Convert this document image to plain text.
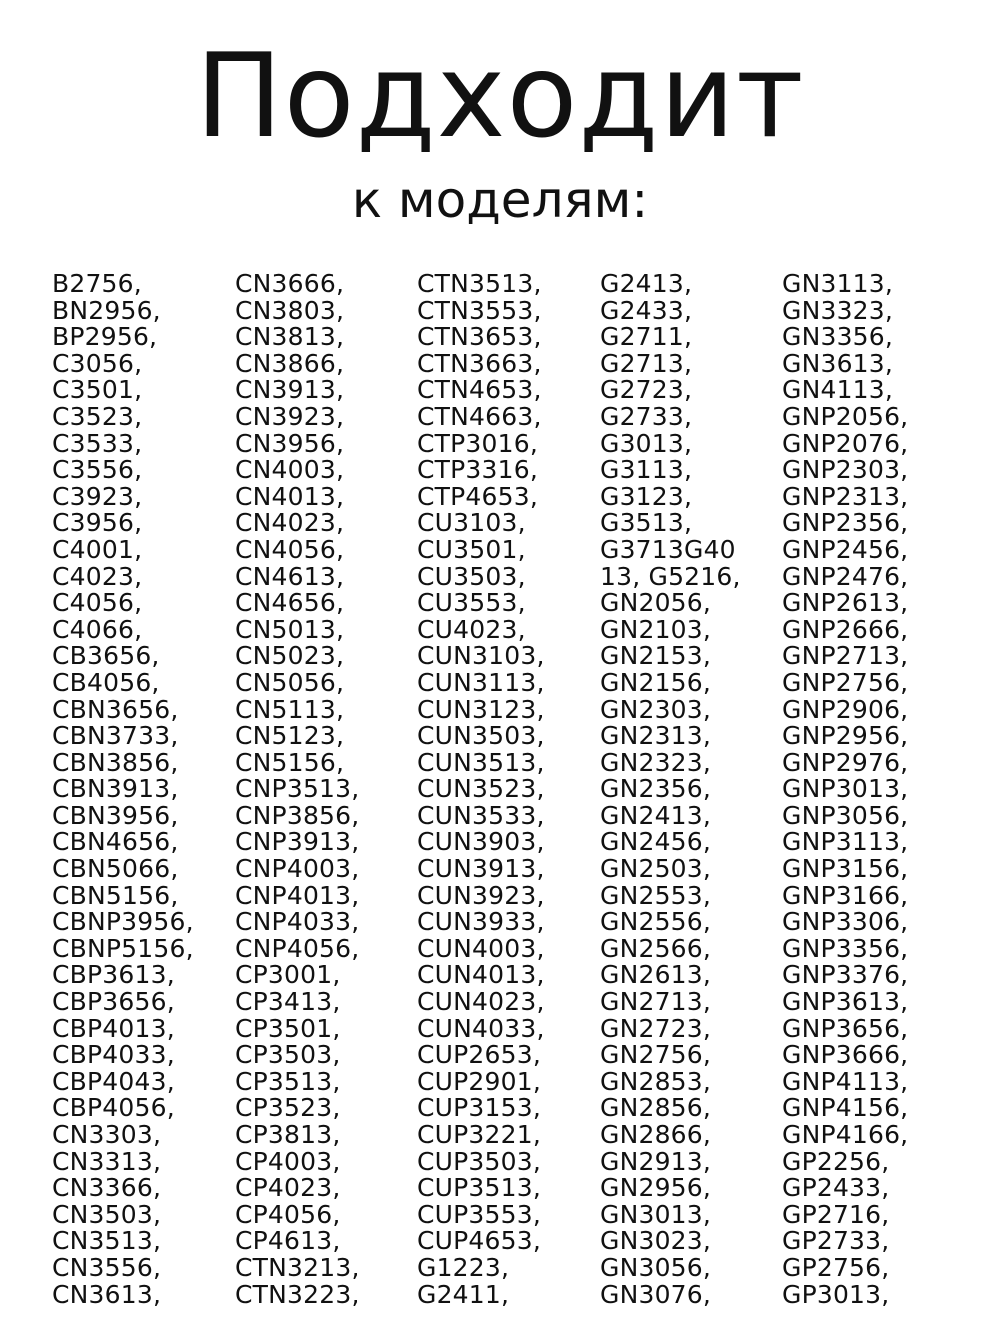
Подходит
к моделям:
B2756,
BN2956,
BP2956,
C3056,
C3501,
C3523,
C3533,
C3556,
C3923,
C3956,
C4001,
C4023,
C4056,
C4066,
CB3656,
CB4056,
CBN3656,
CBN3733,
CBN3856,
CBN3913,
CBN3956,
CBN4656,
CBN5066,
CBN5156,
CBNP3956,
CBNP5156,
CBP3613,
CBP3656,
CBP4013,
CBP4033,
CBP4043,
CBP4056,
CN3303,
CN3313,
CN3366,
CN3503,
CN3513,
CN3556,
CN3613,
CN3666,
CN3803,
CN3813,
CN3866,
CN3913,
CN3923,
CN3956,
CN4003,
CN4013,
CN4023,
CN4056,
CN4613,
CN4656,
CN5013,
CN5023,
CN5056,
CN5113,
CN5123,
CN5156,
CNP3513,
CNP3856,
CNP3913,
CNP4003,
CNP4013,
CNP4033,
CNP4056,
CP3001,
CP3413,
CP3501,
CP3503,
CP3513,
CP3523,
CP3813,
CP4003,
CP4023,
CP4056,
CP4613,
CTN3213,
CTN3223,
CTN3513,
CTN3553,
CTN3653,
CTN3663,
CTN4653,
CTN4663,
CTP3016,
CTP3316,
CTP4653,
CU3103,
CU3501,
CU3503,
CU3553,
CU4023,
CUN3103,
CUN3113,
CUN3123,
CUN3503,
CUN3513,
CUN3523,
CUN3533,
CUN3903,
CUN3913,
CUN3923,
CUN3933,
CUN4003,
CUN4013,
CUN4023,
CUN4033,
CUP2653,
CUP2901,
CUP3153,
CUP3221,
CUP3503,
CUP3513,
CUP3553,
CUP4653,
G1223,
G2411,
G2413,
G2433,
G2711,
G2713,
G2723,
G2733,
G3013,
G3113,
G3123,
G3513,
G3713G40
13, G5216,
GN2056,
GN2103,
GN2153,
GN2156,
GN2303,
GN2313,
GN2323,
GN2356,
GN2413,
GN2456,
GN2503,
GN2553,
GN2556,
GN2566,
GN2613,
GN2713,
GN2723,
GN2756,
GN2853,
GN2856,
GN2866,
GN2913,
GN2956,
GN3013,
GN3023,
GN3056,
GN3076,
GN3113,
GN3323,
GN3356,
GN3613,
GN4113,
GNP2056,
GNP2076,
GNP2303,
GNP2313,
GNP2356,
GNP2456,
GNP2476,
GNP2613,
GNP2666,
GNP2713,
GNP2756,
GNP2906,
GNP2956,
GNP2976,
GNP3013,
GNP3056,
GNP3113,
GNP3156,
GNP3166,
GNP3306,
GNP3356,
GNP3376,
GNP3613,
GNP3656,
GNP3666,
GNP4113,
GNP4156,
GNP4166,
GP2256,
GP2433,
GP2716,
GP2733,
GP2756,
GP3013,
